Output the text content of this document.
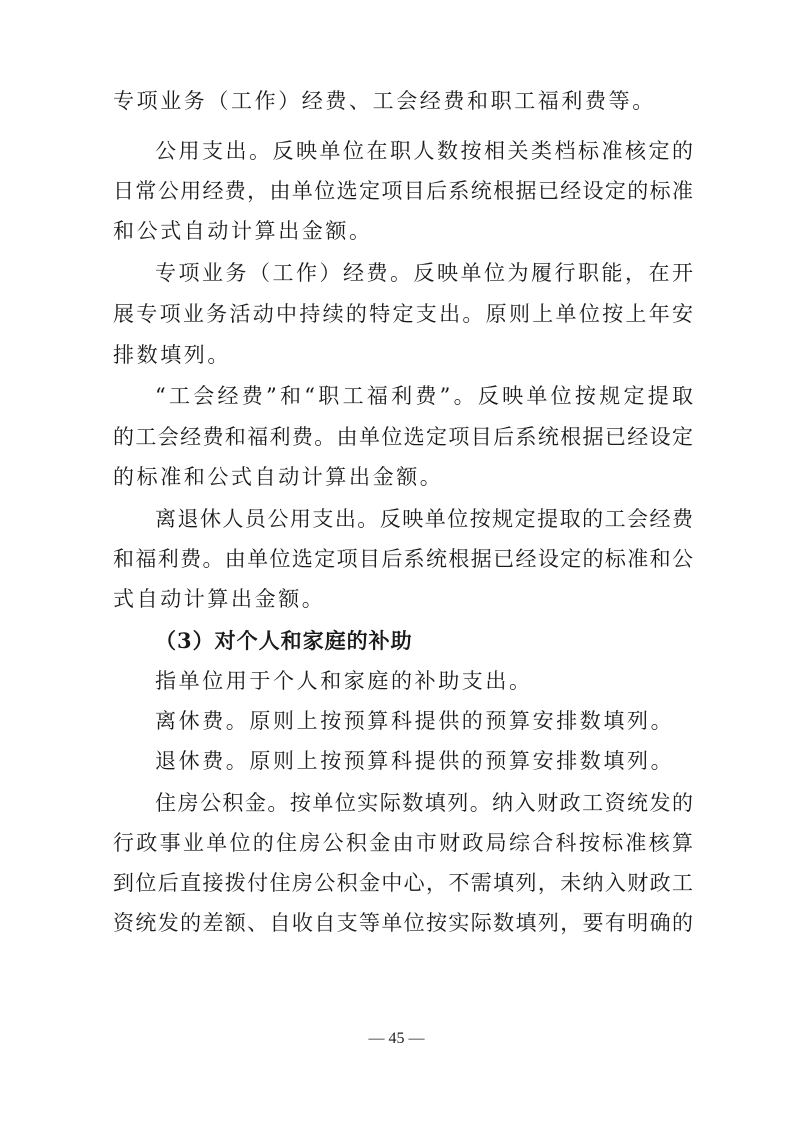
专项业务（工作）经费、工会经费和职工福利费等。
公用支出。反映单位在职人数按相关类档标准核定的
日常公用经费，由单位选定项目后系统根据已经设定的标准
和公式自动计算出金额。
专项业务（工作）经费。反映单位为履行职能，在开
展专项业务活动中持续的特定支出。原则上单位按上年安
排数填列。
“工会经费”和“职工福利费”。反映单位按规定提取
的工会经费和福利费。由单位选定项目后系统根据已经设定
的标准和公式自动计算出金额。
离退休人员公用支出。反映单位按规定提取的工会经费
和福利费。由单位选定项目后系统根据已经设定的标准和公
式自动计算出金额。
（3）对个人和家庭的补助
指单位用于个人和家庭的补助支出。
离休费。原则上按预算科提供的预算安排数填列。
退休费。原则上按预算科提供的预算安排数填列。
住房公积金。按单位实际数填列。纳入财政工资统发的
行政事业单位的住房公积金由市财政局综合科按标准核算
到位后直接拨付住房公积金中心，不需填列，未纳入财政工
资统发的差额、自收自支等单位按实际数填列，要有明确的
— 45 —
